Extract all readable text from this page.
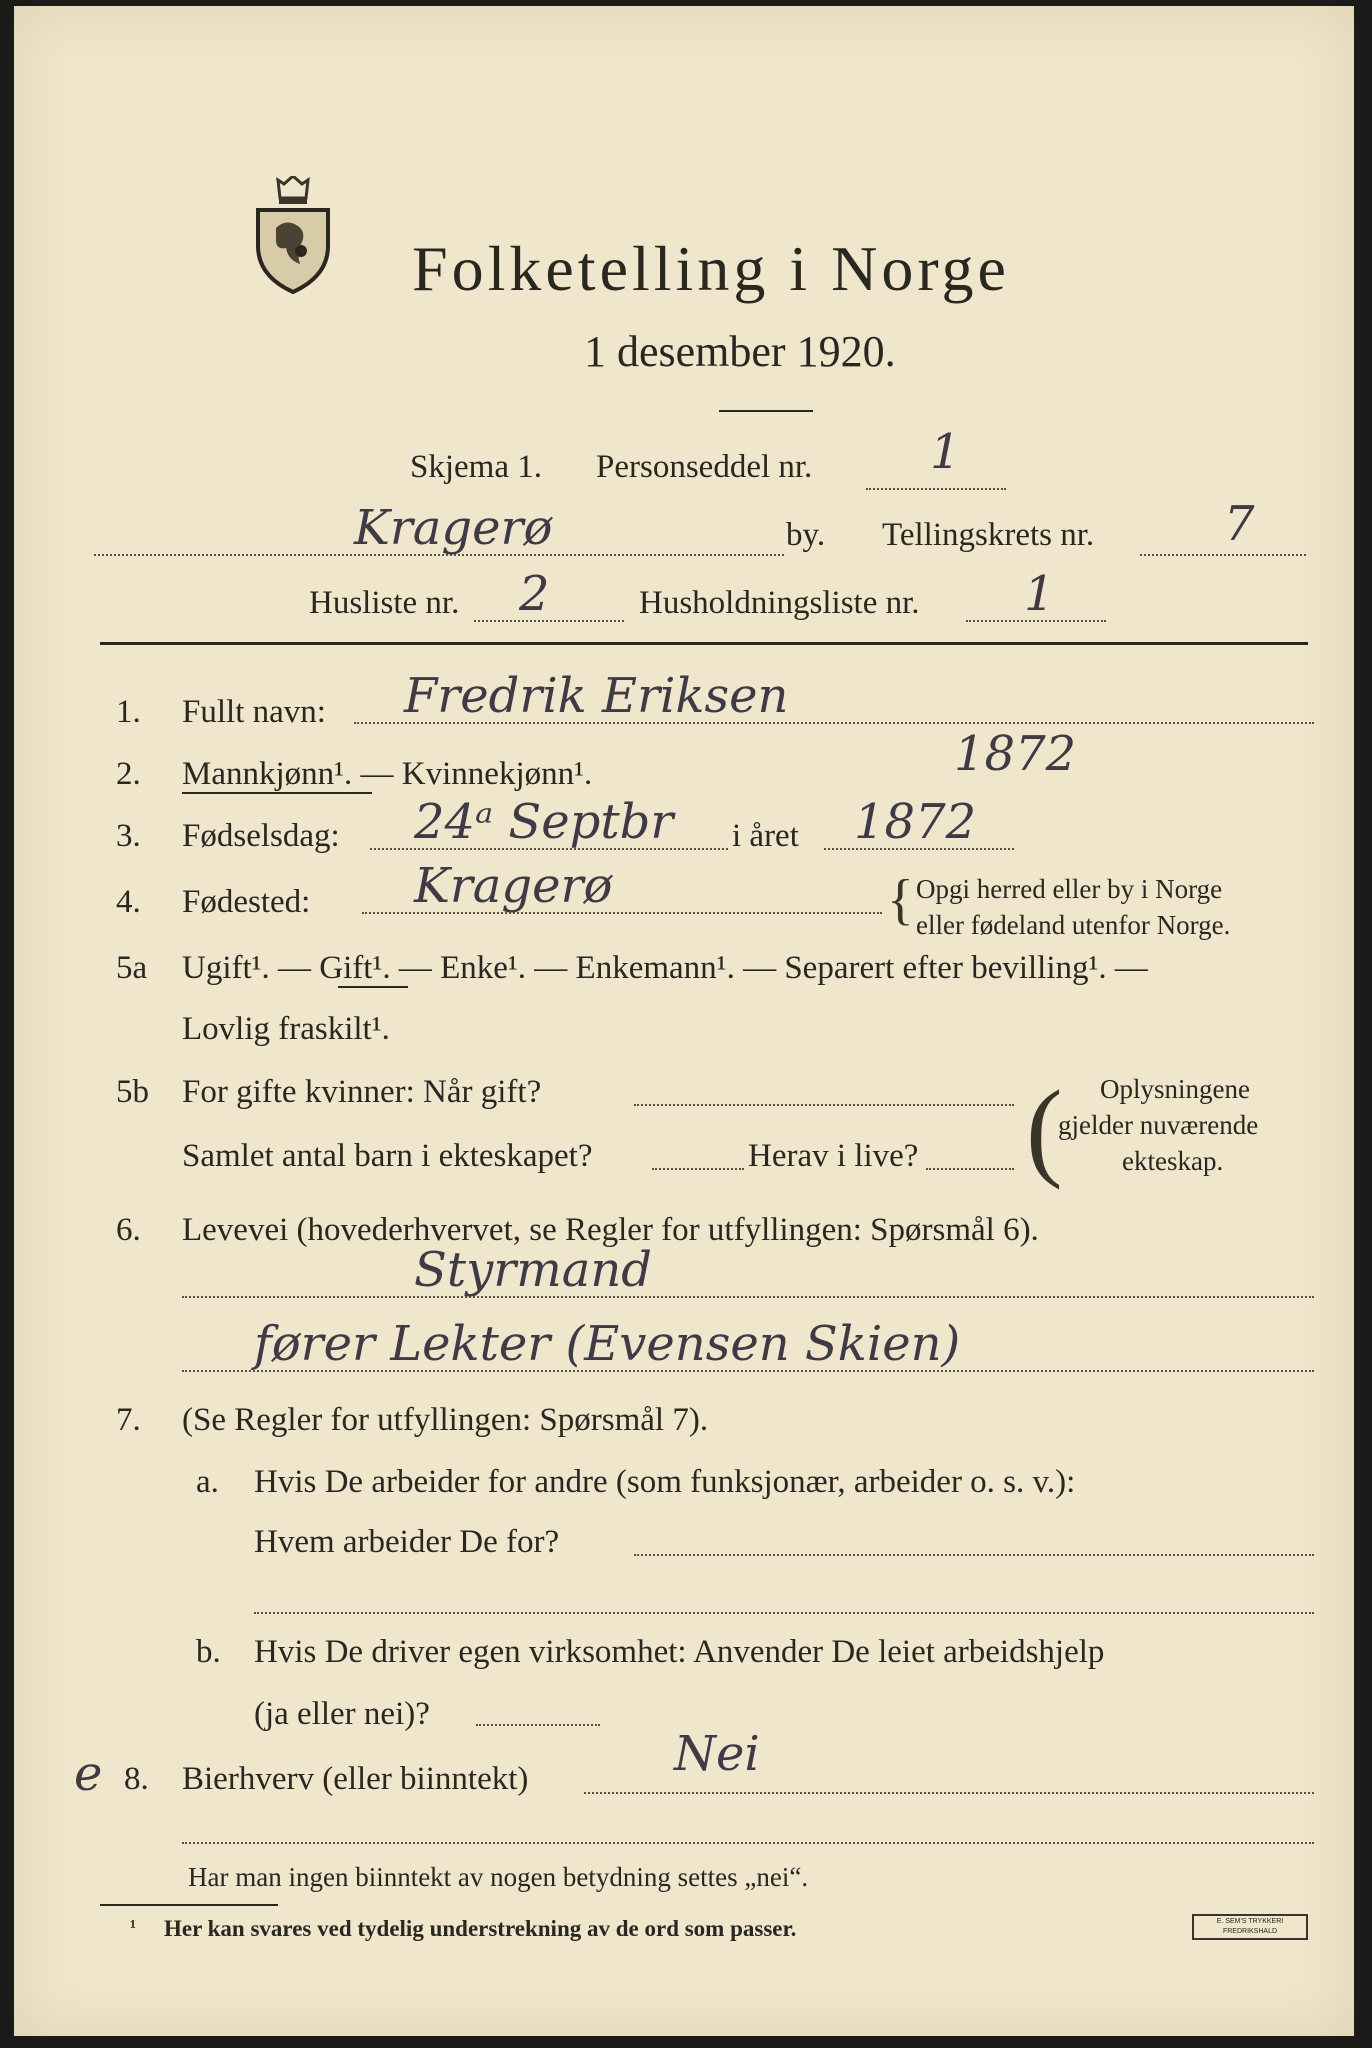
Folketelling i Norge
1 desember 1920.
Skjema 1. Personseddel nr. 1
Kragerø	by. Tellingskrets nr.	7
Husliste nr. 2	Husholdningsliste nr. 1
1. Fullt navn: Fredrik Eriksen
2. Mannkjønn¹. — Kvinnekjønn¹.	1872
3. Fødselsdag: 24ᵃ Septbr i året 1872
4. Fødested: Kragerø	{ Opgi herred eller by i Norge
eller fødeland utenfor Norge.
5a Ugift¹. — Gift¹. — Enke¹. — Enkemann¹. — Separert efter bevilling¹. —
Lovlig fraskilt¹.
5b For gifte kvinner: Når gift?
Samlet antal barn i ekteskapet?	Herav i live? ( Oplysningene
gjelder nuværende
ekteskap.
6. Levevei (hovederhvervet, se Regler for utfyllingen: Spørsmål 6).
Styrmand
fører Lekter (Evensen Skien)
7. (Se Regler for utfyllingen: Spørsmål 7).
a. Hvis De arbeider for andre (som funksjonær, arbeider o. s. v.):
Hvem arbeider De for?
b. Hvis De driver egen virksomhet: Anvender De leiet arbeidshjelp
(ja eller nei)?
e 8. Bierhverv (eller biinntekt)	Nei
Har man ingen biinntekt av nogen betydning settes „nei“.
¹ Her kan svares ved tydelig understrekning av de ord som passer.	E. SEM'S TRYKKERI FREDRIKSHALD
